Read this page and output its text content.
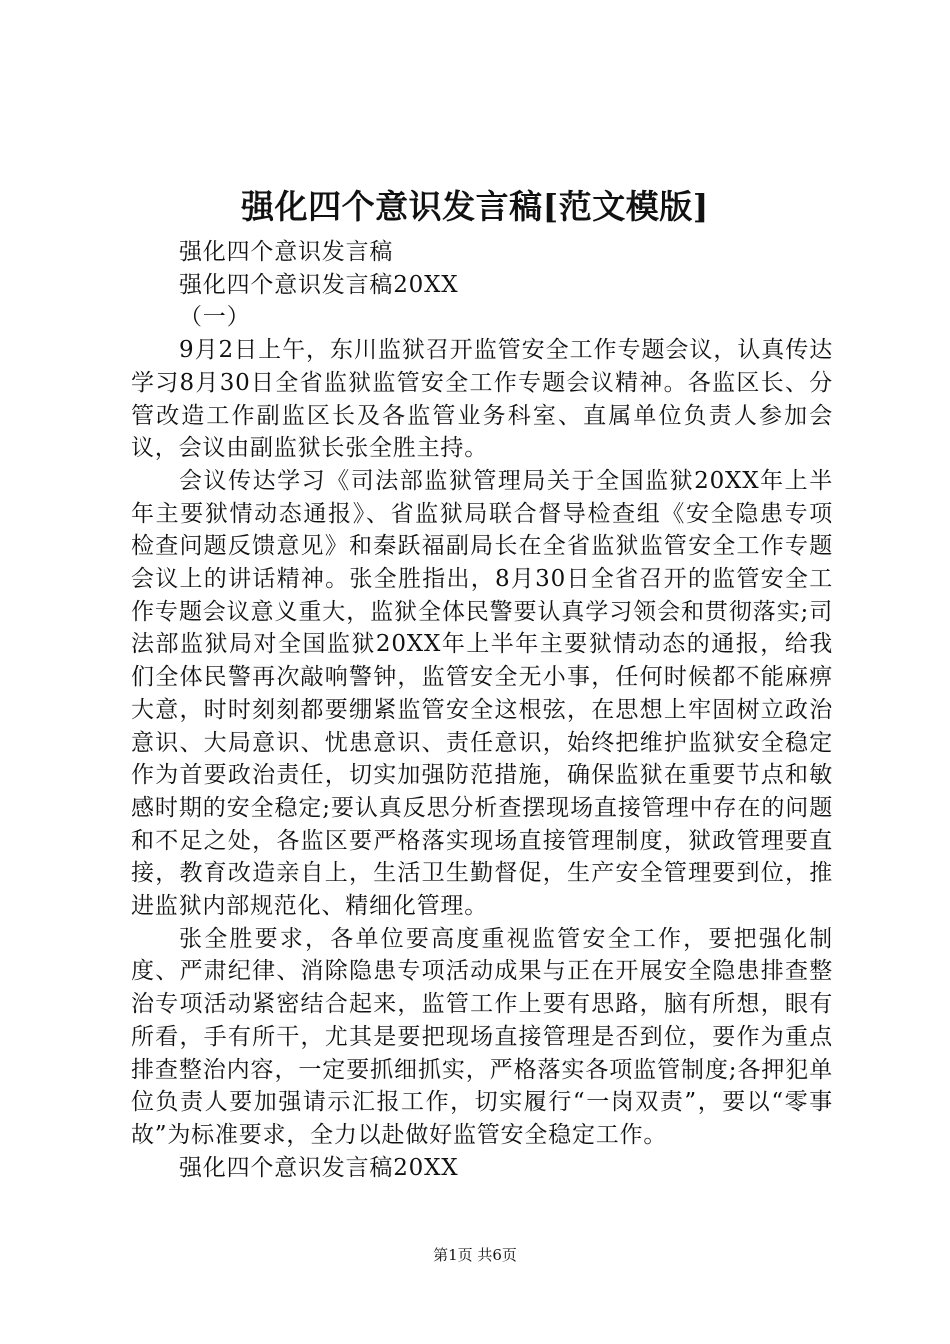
强化四个意识发言稿[范文模版]

强化四个意识发言稿

强化四个意识发言稿20XX

（一）

9月2日上午，东川监狱召开监管安全工作专题会议，认真传达学习8月30日全省监狱监管安全工作专题会议精神。各监区长、分管改造工作副监区长及各监管业务科室、直属单位负责人参加会议，会议由副监狱长张全胜主持。

会议传达学习《司法部监狱管理局关于全国监狱20XX年上半年主要狱情动态通报》、省监狱局联合督导检查组《安全隐患专项检查问题反馈意见》和秦跃福副局长在全省监狱监管安全工作专题会议上的讲话精神。张全胜指出，8月30日全省召开的监管安全工作专题会议意义重大，监狱全体民警要认真学习领会和贯彻落实;司法部监狱局对全国监狱20XX年上半年主要狱情动态的通报，给我们全体民警再次敲响警钟，监管安全无小事，任何时候都不能麻痹大意，时时刻刻都要绷紧监管安全这根弦，在思想上牢固树立政治意识、大局意识、忧患意识、责任意识，始终把维护监狱安全稳定作为首要政治责任，切实加强防范措施，确保监狱在重要节点和敏感时期的安全稳定;要认真反思分析查摆现场直接管理中存在的问题和不足之处，各监区要严格落实现场直接管理制度，狱政管理要直接，教育改造亲自上，生活卫生勤督促，生产安全管理要到位，推进监狱内部规范化、精细化管理。

张全胜要求，各单位要高度重视监管安全工作，要把强化制度、严肃纪律、消除隐患专项活动成果与正在开展安全隐患排查整治专项活动紧密结合起来，监管工作上要有思路，脑有所想，眼有所看，手有所干，尤其是要把现场直接管理是否到位，要作为重点排查整治内容，一定要抓细抓实，严格落实各项监管制度;各押犯单位负责人要加强请示汇报工作，切实履行“一岗双责”，要以“零事故”为标准要求，全力以赴做好监管安全稳定工作。

强化四个意识发言稿20XX

第1页 共6页
